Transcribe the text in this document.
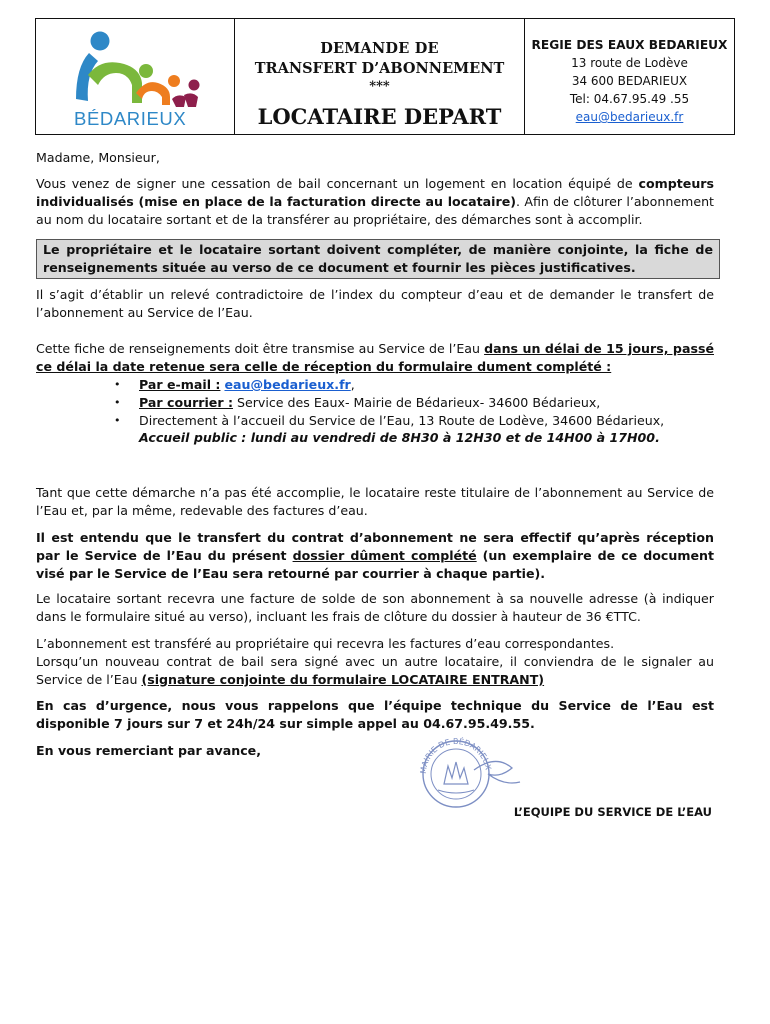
BÉDARIEUX
DEMANDE DE
TRANSFERT D’ABONNEMENT
***
LOCATAIRE DEPART
REGIE DES EAUX BEDARIEUX
13 route de Lodève
34 600 BEDARIEUX
Tel: 04.67.95.49 .55
eau@bedarieux.fr
Madame, Monsieur,
Vous venez de signer une cessation de bail concernant un logement en location équipé de compteurs individualisés (mise en place de la facturation directe au locataire). Afin de clôturer l’abonnement au nom du locataire sortant et de la transférer au propriétaire, des démarches sont à accomplir.
Le propriétaire et le locataire sortant doivent compléter, de manière conjointe, la fiche de renseignements située au verso de ce document et fournir les pièces justificatives.
Il s’agit d’établir un relevé contradictoire de l’index du compteur d’eau et de demander le transfert de l’abonnement au Service de l’Eau.
Cette fiche de renseignements doit être transmise au Service de l’Eau dans un délai de 15 jours, passé ce délai la date retenue sera celle de réception du formulaire dument complété :
• Par e-mail : eau@bedarieux.fr,
• Par courrier : Service des Eaux- Mairie de Bédarieux- 34600 Bédarieux,
• Directement à l’accueil du Service de l’Eau, 13 Route de Lodève, 34600 Bédarieux,
Accueil public : lundi au vendredi de 8H30 à 12H30 et de 14H00 à 17H00.
Tant que cette démarche n’a pas été accomplie, le locataire reste titulaire de l’abonnement au Service de l’Eau et, par la même, redevable des factures d’eau.
Il est entendu que le transfert du contrat d’abonnement ne sera effectif qu’après réception par le Service de l’Eau du présent dossier dûment complété (un exemplaire de ce document visé par le Service de l’Eau sera retourné par courrier à chaque partie).
Le locataire sortant recevra une facture de solde de son abonnement à sa nouvelle adresse (à indiquer dans le formulaire situé au verso), incluant les frais de clôture du dossier à hauteur de 36 €TTC.
L’abonnement est transféré au propriétaire qui recevra les factures d’eau correspondantes.
Lorsqu’un nouveau contrat de bail sera signé avec un autre locataire, il conviendra de le signaler au Service de l’Eau (signature conjointe du formulaire LOCATAIRE ENTRANT)
En cas d’urgence, nous vous rappelons que l’équipe technique du Service de l’Eau est disponible 7 jours sur 7 et 24h/24 sur simple appel au 04.67.95.49.55.
En vous remerciant par avance,
MAIRIE DE BÉDARIEUX
L’EQUIPE DU SERVICE DE L’EAU
